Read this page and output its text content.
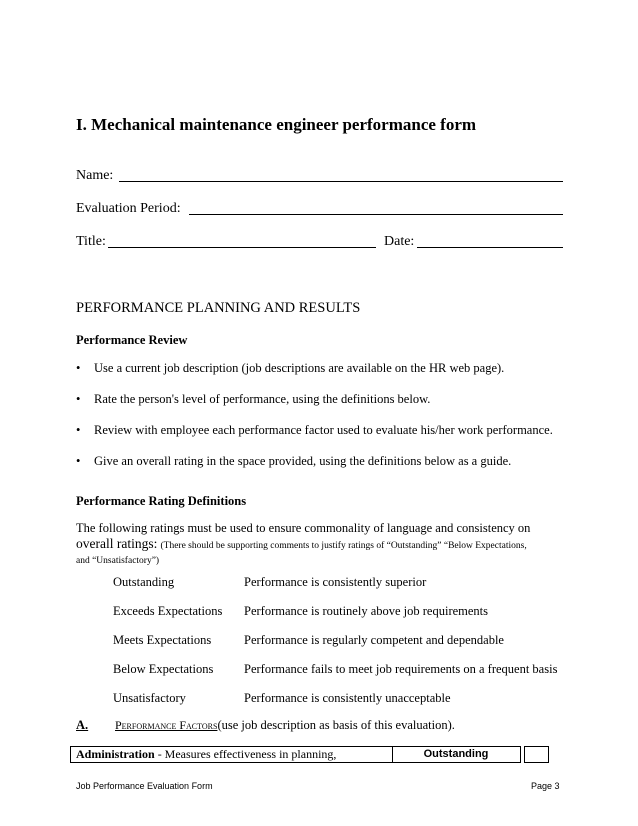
I. Mechanical maintenance engineer performance form
Name:
Evaluation Period:
Title:	Date:
PERFORMANCE PLANNING AND RESULTS
Performance Review
• Use a current job description (job descriptions are available on the HR web page).
• Rate the person's level of performance, using the definitions below.
• Review with employee each performance factor used to evaluate his/her work performance.
• Give an overall rating in the space provided, using the definitions below as a guide.
Performance Rating Definitions
The following ratings must be used to ensure commonality of language and consistency on
overall ratings: (There should be supporting comments to justify ratings of “Outstanding” “Below Expectations,
and “Unsatisfactory”)
Outstanding	Performance is consistently superior
Exceeds Expectations Performance is routinely above job requirements
Meets Expectations	Performance is regularly competent and dependable
Below Expectations Performance fails to meet job requirements on a frequent basis
Unsatisfactory	Performance is consistently unacceptable
A. Performance Factors(use job description as basis of this evaluation).
Administration - Measures effectiveness in planning,	Outstanding
Job Performance Evaluation Form	Page 3
